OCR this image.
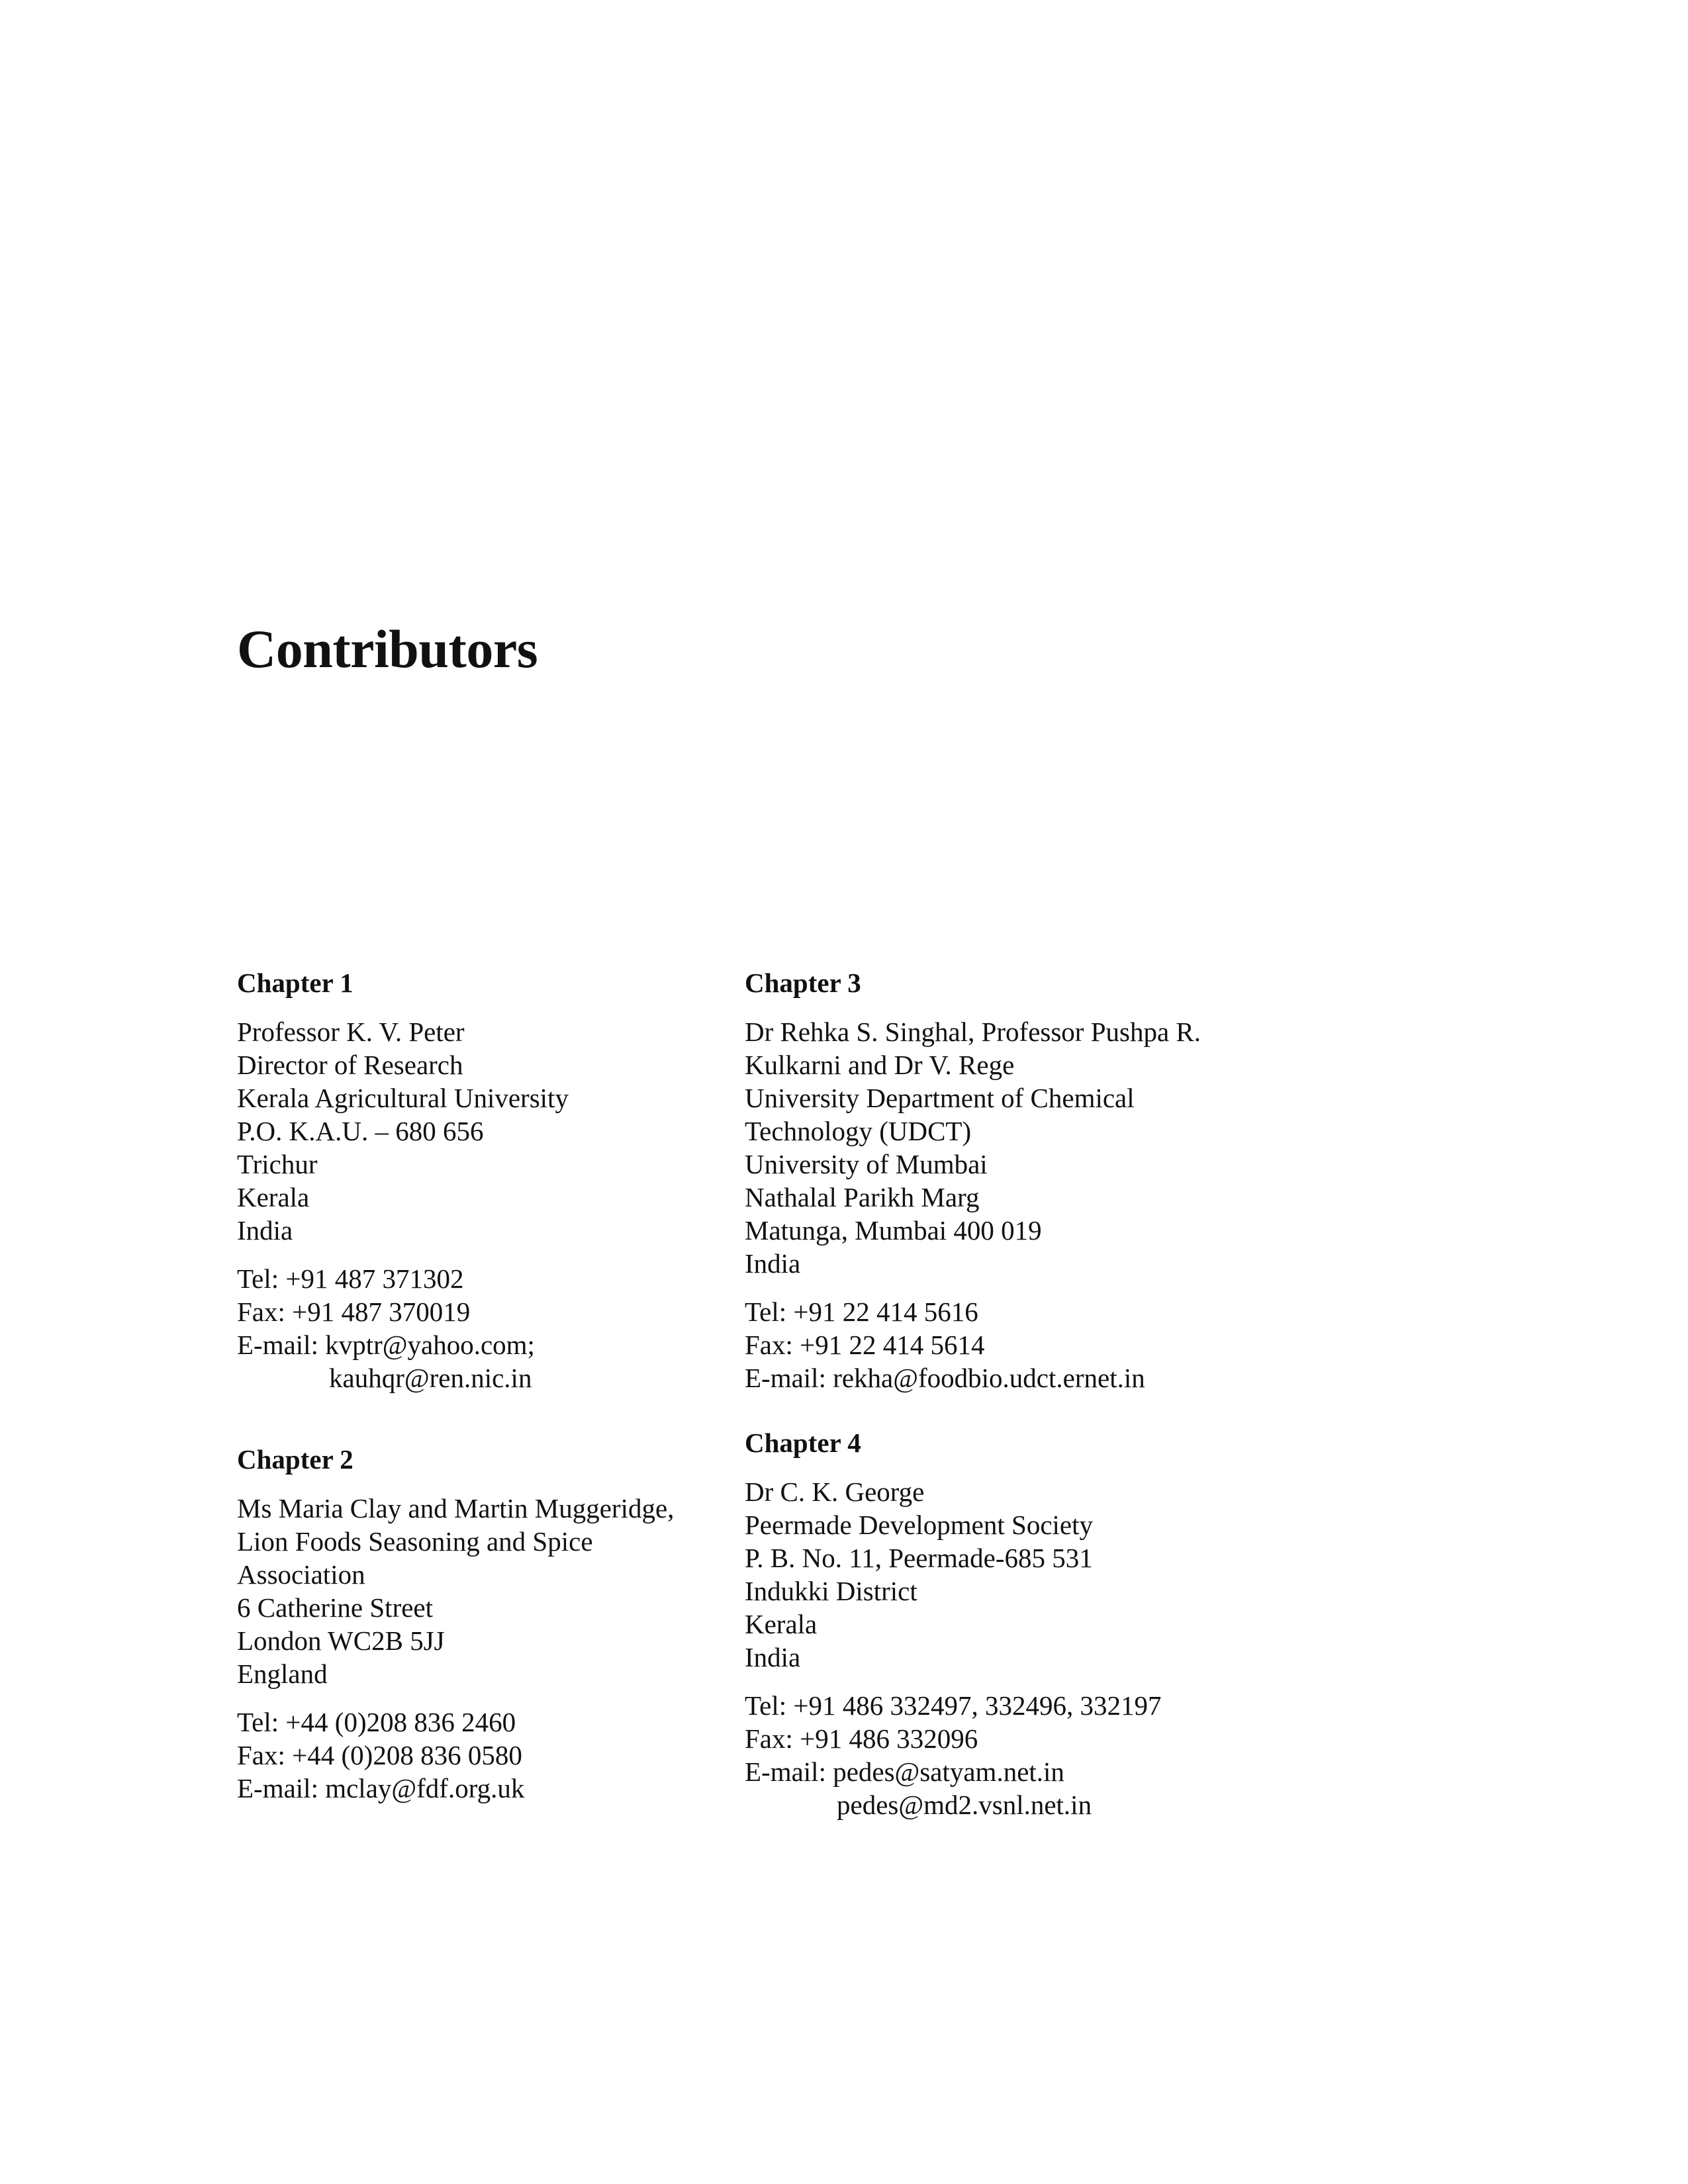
Contributors
Chapter 1
Professor K. V. Peter
Director of Research
Kerala Agricultural University
P.O. K.A.U. – 680 656
Trichur
Kerala
India
Tel: +91 487 371302
Fax: +91 487 370019
E-mail: kvptr@yahoo.com;
kauhqr@ren.nic.in
Chapter 2
Ms Maria Clay and Martin Muggeridge,
Lion Foods Seasoning and Spice
Association
6 Catherine Street
London WC2B 5JJ
England
Tel: +44 (0)208 836 2460
Fax: +44 (0)208 836 0580
E-mail: mclay@fdf.org.uk
Chapter 3
Dr Rehka S. Singhal, Professor Pushpa R.
Kulkarni and Dr V. Rege
University Department of Chemical
Technology (UDCT)
University of Mumbai
Nathalal Parikh Marg
Matunga, Mumbai 400 019
India
Tel: +91 22 414 5616
Fax: +91 22 414 5614
E-mail: rekha@foodbio.udct.ernet.in
Chapter 4
Dr C. K. George
Peermade Development Society
P. B. No. 11, Peermade-685 531
Indukki District
Kerala
India
Tel: +91 486 332497, 332496, 332197
Fax: +91 486 332096
E-mail: pedes@satyam.net.in
pedes@md2.vsnl.net.in
